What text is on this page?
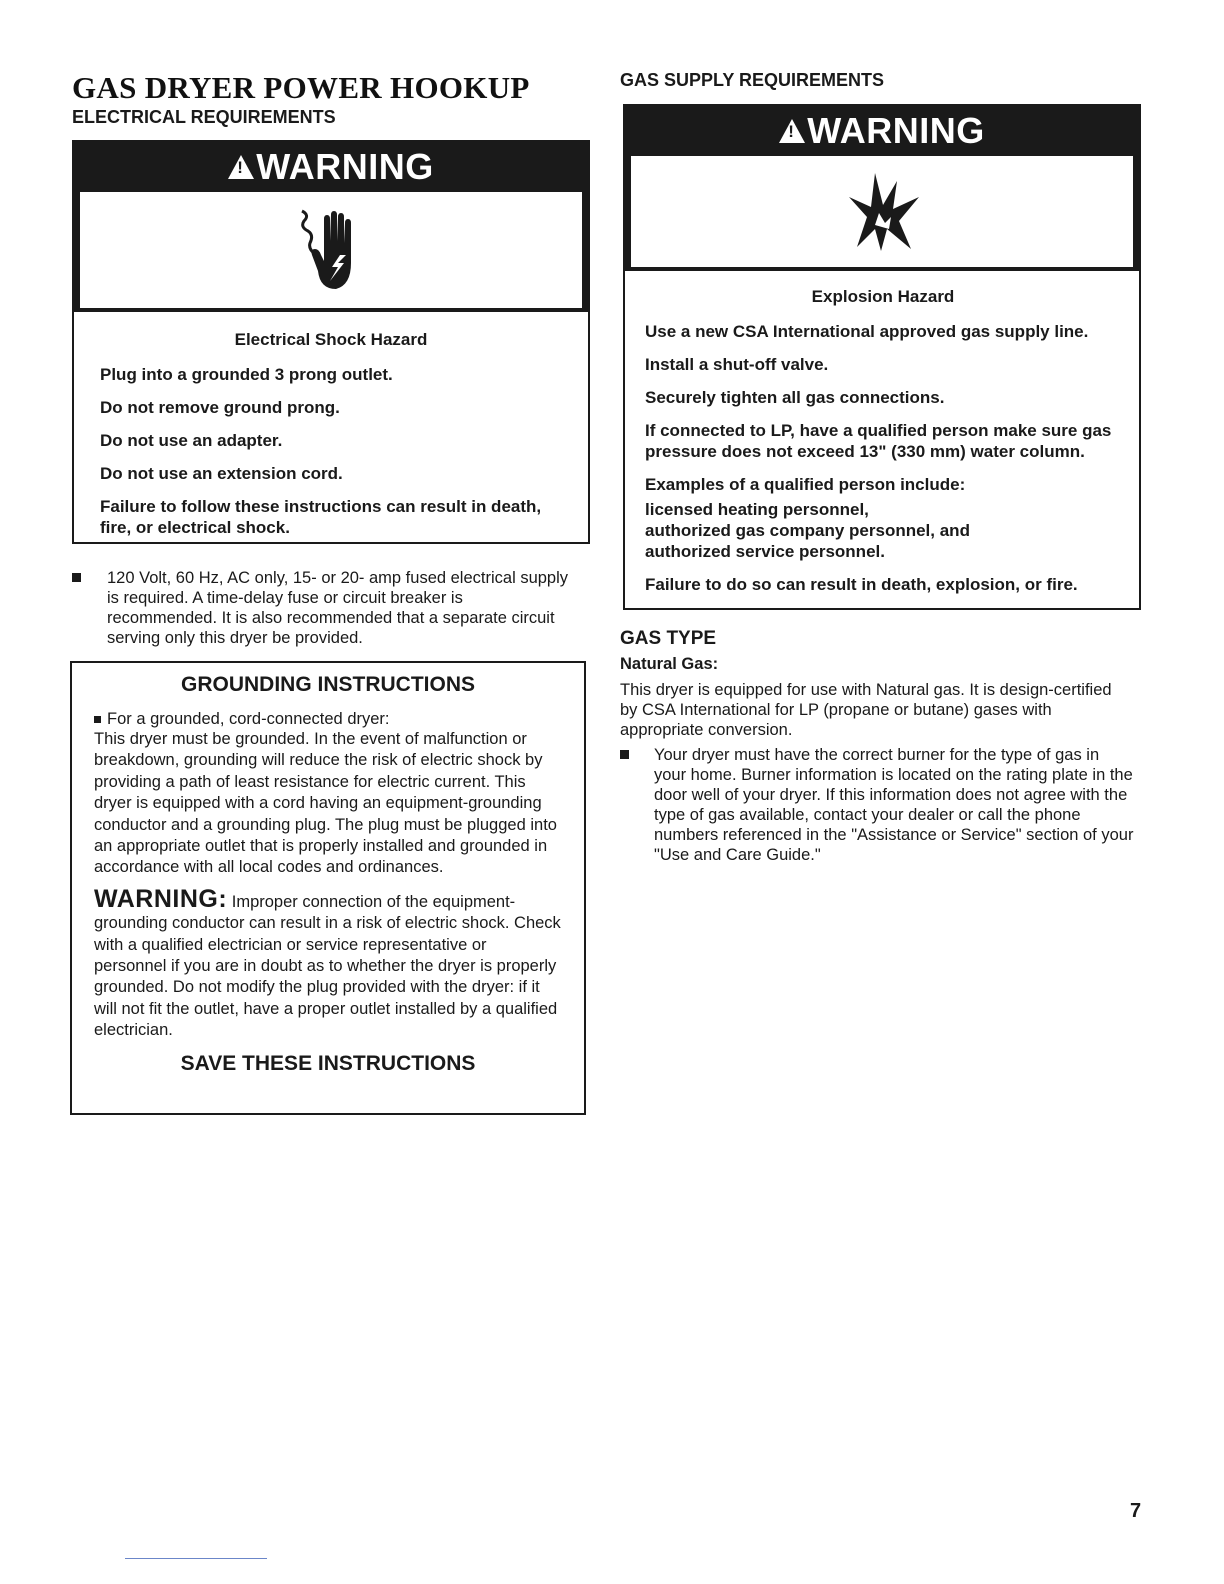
GAS DRYER POWER HOOKUP
ELECTRICAL REQUIREMENTS
!
WARNING

Electrical Shock Hazard

Plug into a grounded 3 prong outlet.

Do not remove ground prong.

Do not use an adapter.

Do not use an extension cord.

Failure to follow these instructions can result in death, fire, or electrical shock.

120 Volt, 60 Hz, AC only, 15- or 20- amp fused electrical supply is required. A time-delay fuse or circuit breaker is recommended. It is also recommended that a separate circuit serving only this dryer be provided.

GROUNDING INSTRUCTIONS

For a grounded, cord-connected dryer:

This dryer must be grounded. In the event of malfunction or breakdown, grounding will reduce the risk of electric shock by providing a path of least resistance for electric current. This dryer is equipped with a cord having an equipment-grounding conductor and a grounding plug. The plug must be plugged into an appropriate outlet that is properly installed and grounded in accordance with all local codes and ordinances.

WARNING: Improper connection of the equipment-grounding conductor can result in a risk of electric shock. Check with a qualified electrician or service representative or personnel if you are in doubt as to whether the dryer is properly grounded. Do not modify the plug provided with the dryer: if it will not fit the outlet, have a proper outlet installed by a qualified electrician.

SAVE THESE INSTRUCTIONS

GAS SUPPLY REQUIREMENTS
!
WARNING

Explosion Hazard

Use a new CSA International approved gas supply line.

Install a shut-off valve.

Securely tighten all gas connections.

If connected to LP, have a qualified person make sure gas pressure does not exceed 13" (330 mm) water column.

Examples of a qualified person include:

licensed heating personnel,

authorized gas company personnel, and

authorized service personnel.

Failure to do so can result in death, explosion, or fire.

GAS TYPE

Natural Gas:

This dryer is equipped for use with Natural gas. It is design-certified by CSA International for LP (propane or butane) gases with appropriate conversion.

Your dryer must have the correct burner for the type of gas in your home. Burner information is located on the rating plate in the door well of your dryer. If this information does not agree with the type of gas available, contact your dealer or call the phone numbers referenced in the "Assistance or Service" section of your "Use and Care Guide."

7
